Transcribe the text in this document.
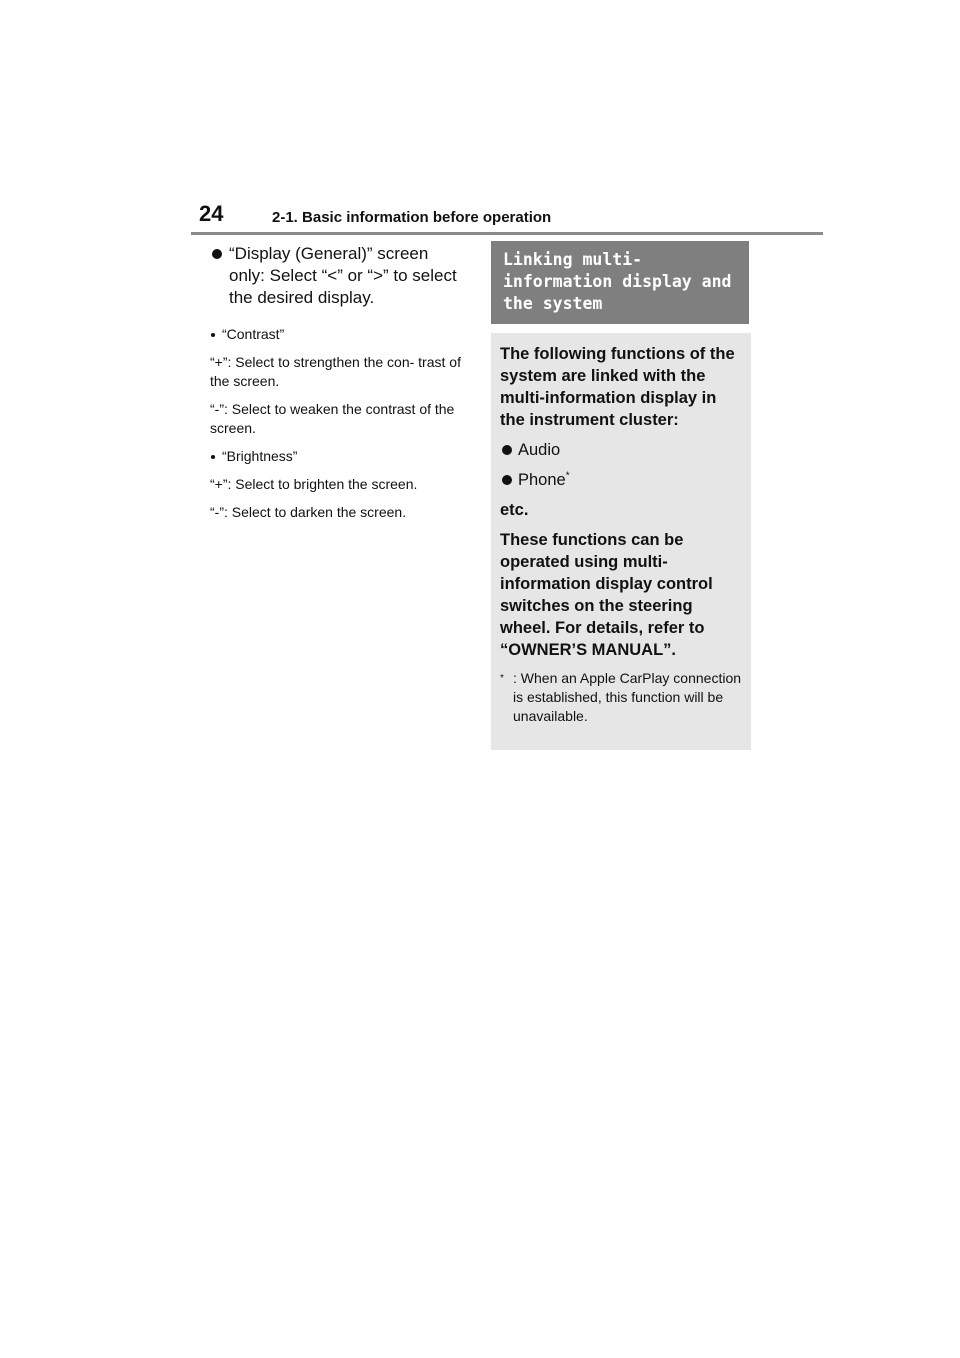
24	2-1. Basic information before operation
“Display (General)” screen only: Select “<” or “>” to select the desired display.
“Contrast”
“+”: Select to strengthen the con- trast of the screen.
“-”: Select to weaken the contrast of the screen.
“Brightness”
“+”: Select to brighten the screen.
“-”: Select to darken the screen.
Linking multi-information display and the system

The following functions of the system are linked with the multi-information display in the instrument cluster:

Audio
Phone*

etc.

These functions can be operated using multi-information display control switches on the steering wheel. For details, refer to “OWNER’S MANUAL”.

* : When an Apple CarPlay connection is established, this function will be unavailable.
